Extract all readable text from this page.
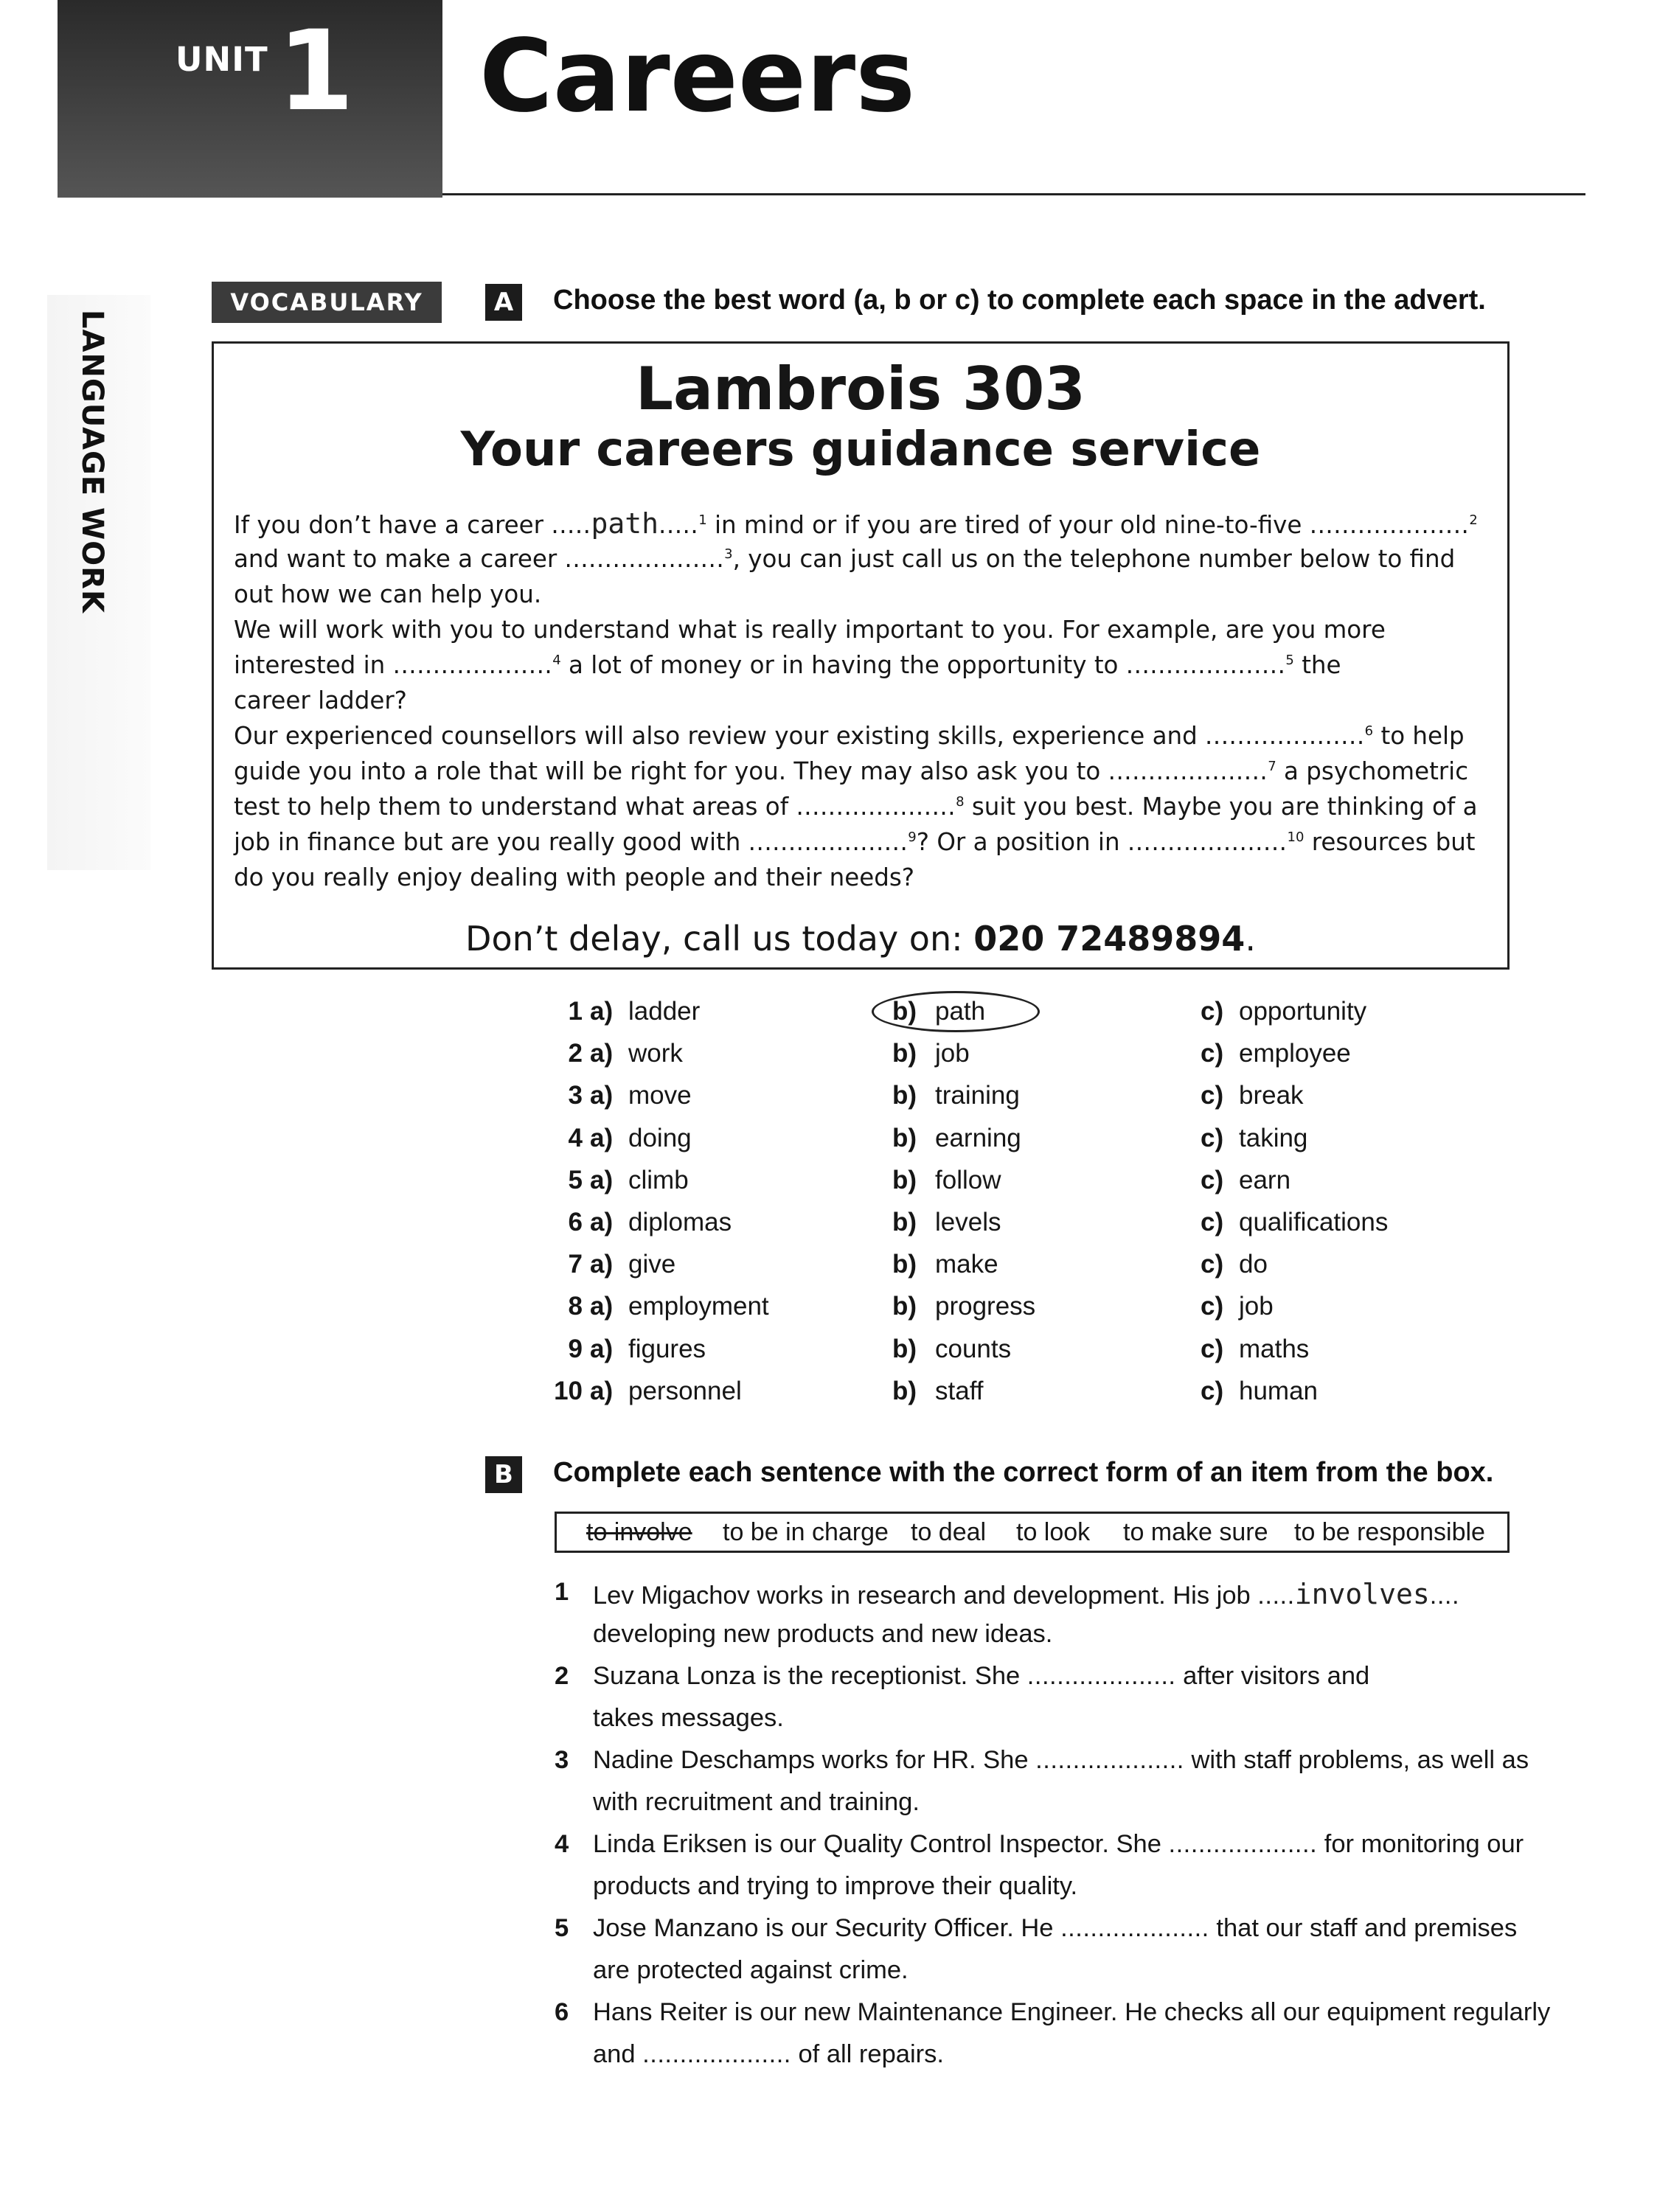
UNIT 1 Careers
LANGUAGE WORK
VOCABULARY	A	Choose the best word (a, b or c) to complete each space in the advert.
Lambrois 303
Your careers guidance service
If you don’t have a career .....path.....$^1$ in mind or if you are tired of your old nine-to-five ....................$^2$
and want to make a career ....................$^3$, you can just call us on the telephone number below to find
out how we can help you.
We will work with you to understand what is really important to you. For example, are you more
interested in ....................$^4$ a lot of money or in having the opportunity to ....................$^5$ the
career ladder?
Our experienced counsellors will also review your existing skills, experience and ....................$^6$ to help
guide you into a role that will be right for you. They may also ask you to ....................$^7$ a psychometric
test to help them to understand what areas of ....................$^8$ suit you best. Maybe you are thinking of a
job in finance but are you really good with ....................$^9$? Or a position in ....................$^{10}$ resources but
do you really enjoy dealing with people and their needs?
Don’t delay, call us today on: 020 72489894.
1 a) ladder	b) path	c) opportunity
2 a) work	b) job	c) employee
3 a) move	b) training	c) break
4 a) doing	b) earning	c) taking
5 a) climb	b) follow	c) earn
6 a) diplomas	b) levels	c) qualifications
7 a) give	b) make	c) do
8 a) employment	b) progress	c) job
9 a) figures	b) counts	c) maths
10 a) personnel	b) staff	c) human
B	Complete each sentence with the correct form of an item from the box.
to involve to be in charge to deal to look to make sure to be responsible
1 Lev Migachov works in research and development. His job .....involves....
developing new products and new ideas.
2 Suzana Lonza is the receptionist. She .................... after visitors and
takes messages.
3 Nadine Deschamps works for HR. She .................... with staff problems, as well as
with recruitment and training.
4 Linda Eriksen is our Quality Control Inspector. She .................... for monitoring our
products and trying to improve their quality.
5 Jose Manzano is our Security Officer. He .................... that our staff and premises
are protected against crime.
6 Hans Reiter is our new Maintenance Engineer. He checks all our equipment regularly
and .................... of all repairs.
